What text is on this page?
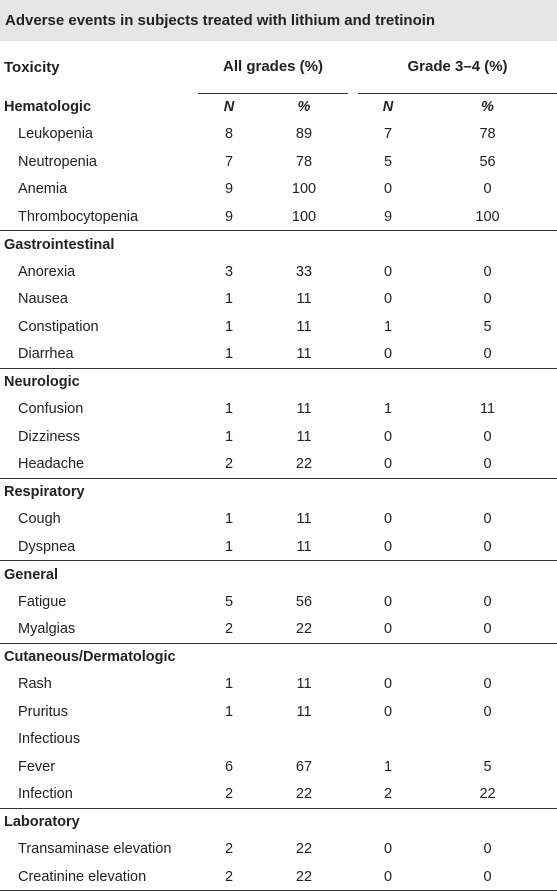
Adverse events in subjects treated with lithium and tretinoin
Toxicity	All grades (%)			Grade 3–4 (%)	
Hematologic	N	%		N	%
Leukopenia	8	89		7	78
Neutropenia	7	78		5	56
Anemia	9	100		0	0
Thrombocytopenia	9	100		9	100
Gastrointestinal					
Anorexia	3	33		0	0
Nausea	1	11		0	0
Constipation	1	11		1	5
Diarrhea	1	11		0	0
Neurologic					
Confusion	1	11		1	11
Dizziness	1	11		0	0
Headache	2	22		0	0
Respiratory					
Cough	1	11		0	0
Dyspnea	1	11		0	0
General					
Fatigue	5	56		0	0
Myalgias	2	22		0	0
Cutaneous/Dermatologic					
Rash	1	11		0	0
Pruritus	1	11		0	0
Infectious					
Fever	6	67		1	5
Infection	2	22		2	22
Laboratory					
Transaminase elevation	2	22		0	0
Creatinine elevation	2	22		0	0
